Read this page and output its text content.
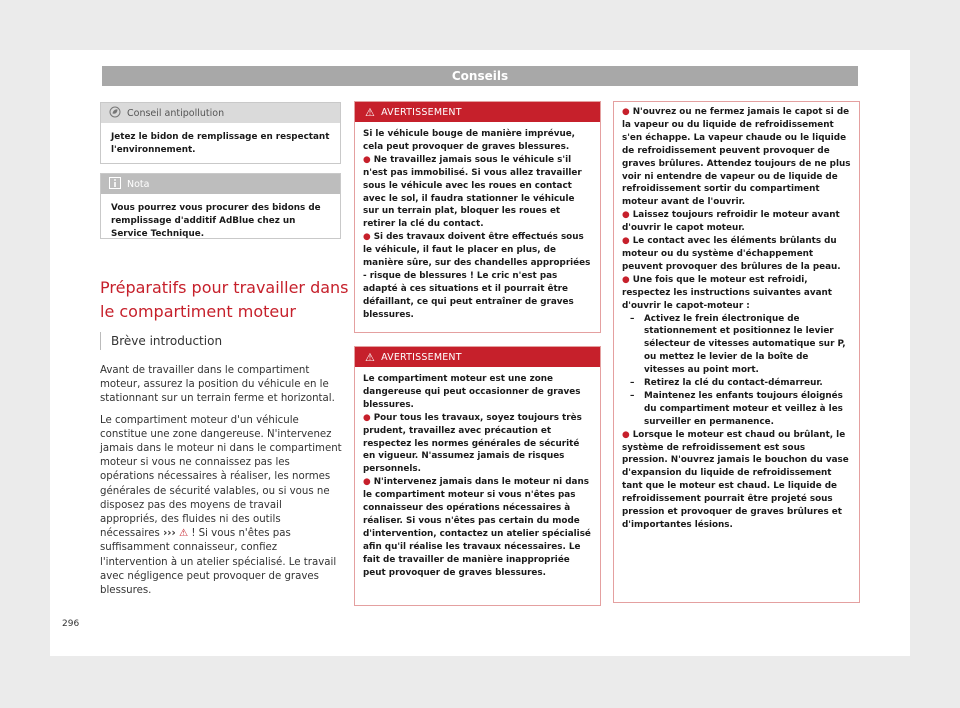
Conseils
Conseil antipollution
Jetez le bidon de remplissage en respectant l'environnement.
Nota
Vous pourrez vous procurer des bidons de remplissage d'additif AdBlue chez un Service Technique.
Préparatifs pour travailler dans
le compartiment moteur
Brève introduction

Avant de travailler dans le compartiment moteur, assurez la position du véhicule en le stationnant sur un terrain ferme et horizontal.

Le compartiment moteur d'un véhicule constitue une zone dangereuse. N'intervenez jamais dans le moteur ni dans le compartiment moteur si vous ne connaissez pas les opérations nécessaires à réaliser, les normes générales de sécurité valables, ou si vous ne disposez pas des moyens de travail appropriés, des fluides ni des outils nécessaires ››› ⚠ ! Si vous n'êtes pas suffisamment connaisseur, confiez l'intervention à un atelier spécialisé. Le travail avec négligence peut provoquer de graves blessures.

⚠ AVERTISSEMENT
Si le véhicule bouge de manière imprévue, cela peut provoquer de graves blessures.
● Ne travaillez jamais sous le véhicule s'il n'est pas immobilisé. Si vous allez travailler sous le véhicule avec les roues en contact avec le sol, il faudra stationner le véhicule sur un terrain plat, bloquer les roues et retirer la clé du contact.
● Si des travaux doivent être effectués sous le véhicule, il faut le placer en plus, de manière sûre, sur des chandelles appropriées - risque de blessures ! Le cric n'est pas adapté à ces situations et il pourrait être défaillant, ce qui peut entraîner de graves blessures.
⚠ AVERTISSEMENT
Le compartiment moteur est une zone dangereuse qui peut occasionner de graves blessures.
● Pour tous les travaux, soyez toujours très prudent, travaillez avec précaution et respectez les normes générales de sécurité en vigueur. N'assumez jamais de risques personnels.
● N'intervenez jamais dans le moteur ni dans le compartiment moteur si vous n'êtes pas connaisseur des opérations nécessaires à réaliser. Si vous n'êtes pas certain du mode d'intervention, contactez un atelier spécialisé afin qu'il réalise les travaux nécessaires. Le fait de travailler de manière inappropriée peut provoquer de graves blessures.
● N'ouvrez ou ne fermez jamais le capot si de la vapeur ou du liquide de refroidissement s'en échappe. La vapeur chaude ou le liquide de refroidissement peuvent provoquer de graves brûlures. Attendez toujours de ne plus voir ni entendre de vapeur ou de liquide de refroidissement sortir du compartiment moteur avant de l'ouvrir.
● Laissez toujours refroidir le moteur avant d'ouvrir le capot moteur.
● Le contact avec les éléments brûlants du moteur ou du système d'échappement peuvent provoquer des brûlures de la peau.
● Une fois que le moteur est refroidi, respectez les instructions suivantes avant d'ouvrir le capot-moteur :
– Activez le frein électronique de stationnement et positionnez le levier sélecteur de vitesses automatique sur P, ou mettez le levier de la boîte de vitesses au point mort.
– Retirez la clé du contact-démarreur.
– Maintenez les enfants toujours éloignés du compartiment moteur et veillez à les surveiller en permanence.
● Lorsque le moteur est chaud ou brûlant, le système de refroidissement est sous pression. N'ouvrez jamais le bouchon du vase d'expansion du liquide de refroidissement tant que le moteur est chaud. Le liquide de refroidissement pourrait être projeté sous pression et provoquer de graves brûlures et d'importantes lésions.
296
